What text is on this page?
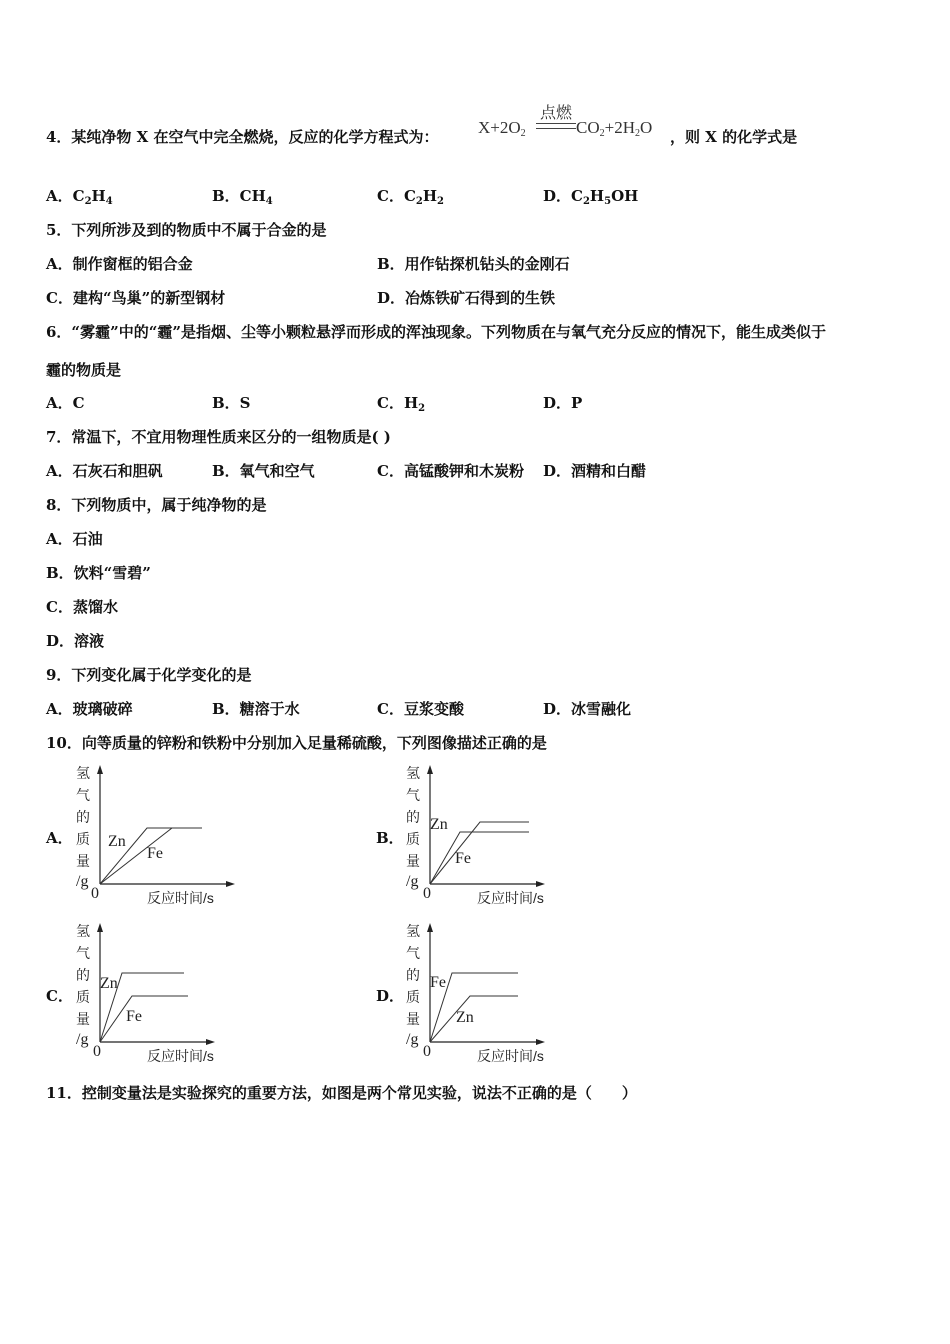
4．某纯净物 X 在空气中完全燃烧，反应的化学方程式为：
点燃
$X+2O_2$	$CO_2+2H_2O$ ，则 X 的化学式是
A．$C_2H_4$	B．$CH_4$	C．$C_2H_2$	D．$C_2H_5OH$
5．下列所涉及到的物质中不属于合金的是
A．制作窗框的铝合金	B．用作钻探机钻头的金刚石
C．建构“鸟巢”的新型钢材	D．冶炼铁矿石得到的生铁
6．“雾霾”中的“霾”是指烟、尘等小颗粒悬浮而形成的浑浊现象。下列物质在与氧气充分反应的情况下，能生成类似于
霾的物质是
A．C	B．S	C．$H_2$	D．P
7．常温下，不宜用物理性质来区分的一组物质是( )
A．石灰石和胆矾	B．氧气和空气	C．高锰酸钾和木炭粉 D．酒精和白醋
8．下列物质中，属于纯净物的是
A．石油
B．饮料“雪碧”
C．蒸馏水
D．溶液
9．下列变化属于化学变化的是
A．玻璃破碎	B．糖溶于水	C．豆浆变酸	D．冰雪融化
10．向等质量的锌粉和铁粉中分别加入足量稀硫酸，下列图像描述正确的是
A．
氢
气
的
质
量
/g
0	反应时间/s
Zn
Fe
B．
氢
气
的
质
量
/g
0	反应时间/s
Zn
Fe
C．
氢
气
的
质
量
/g
0	反应时间/s
Zn
Fe
D．
氢
气
的
质
量
/g
0	反应时间/s
Fe
Zn
11．控制变量法是实验探究的重要方法，如图是两个常见实验，说法不正确的是（　　）
